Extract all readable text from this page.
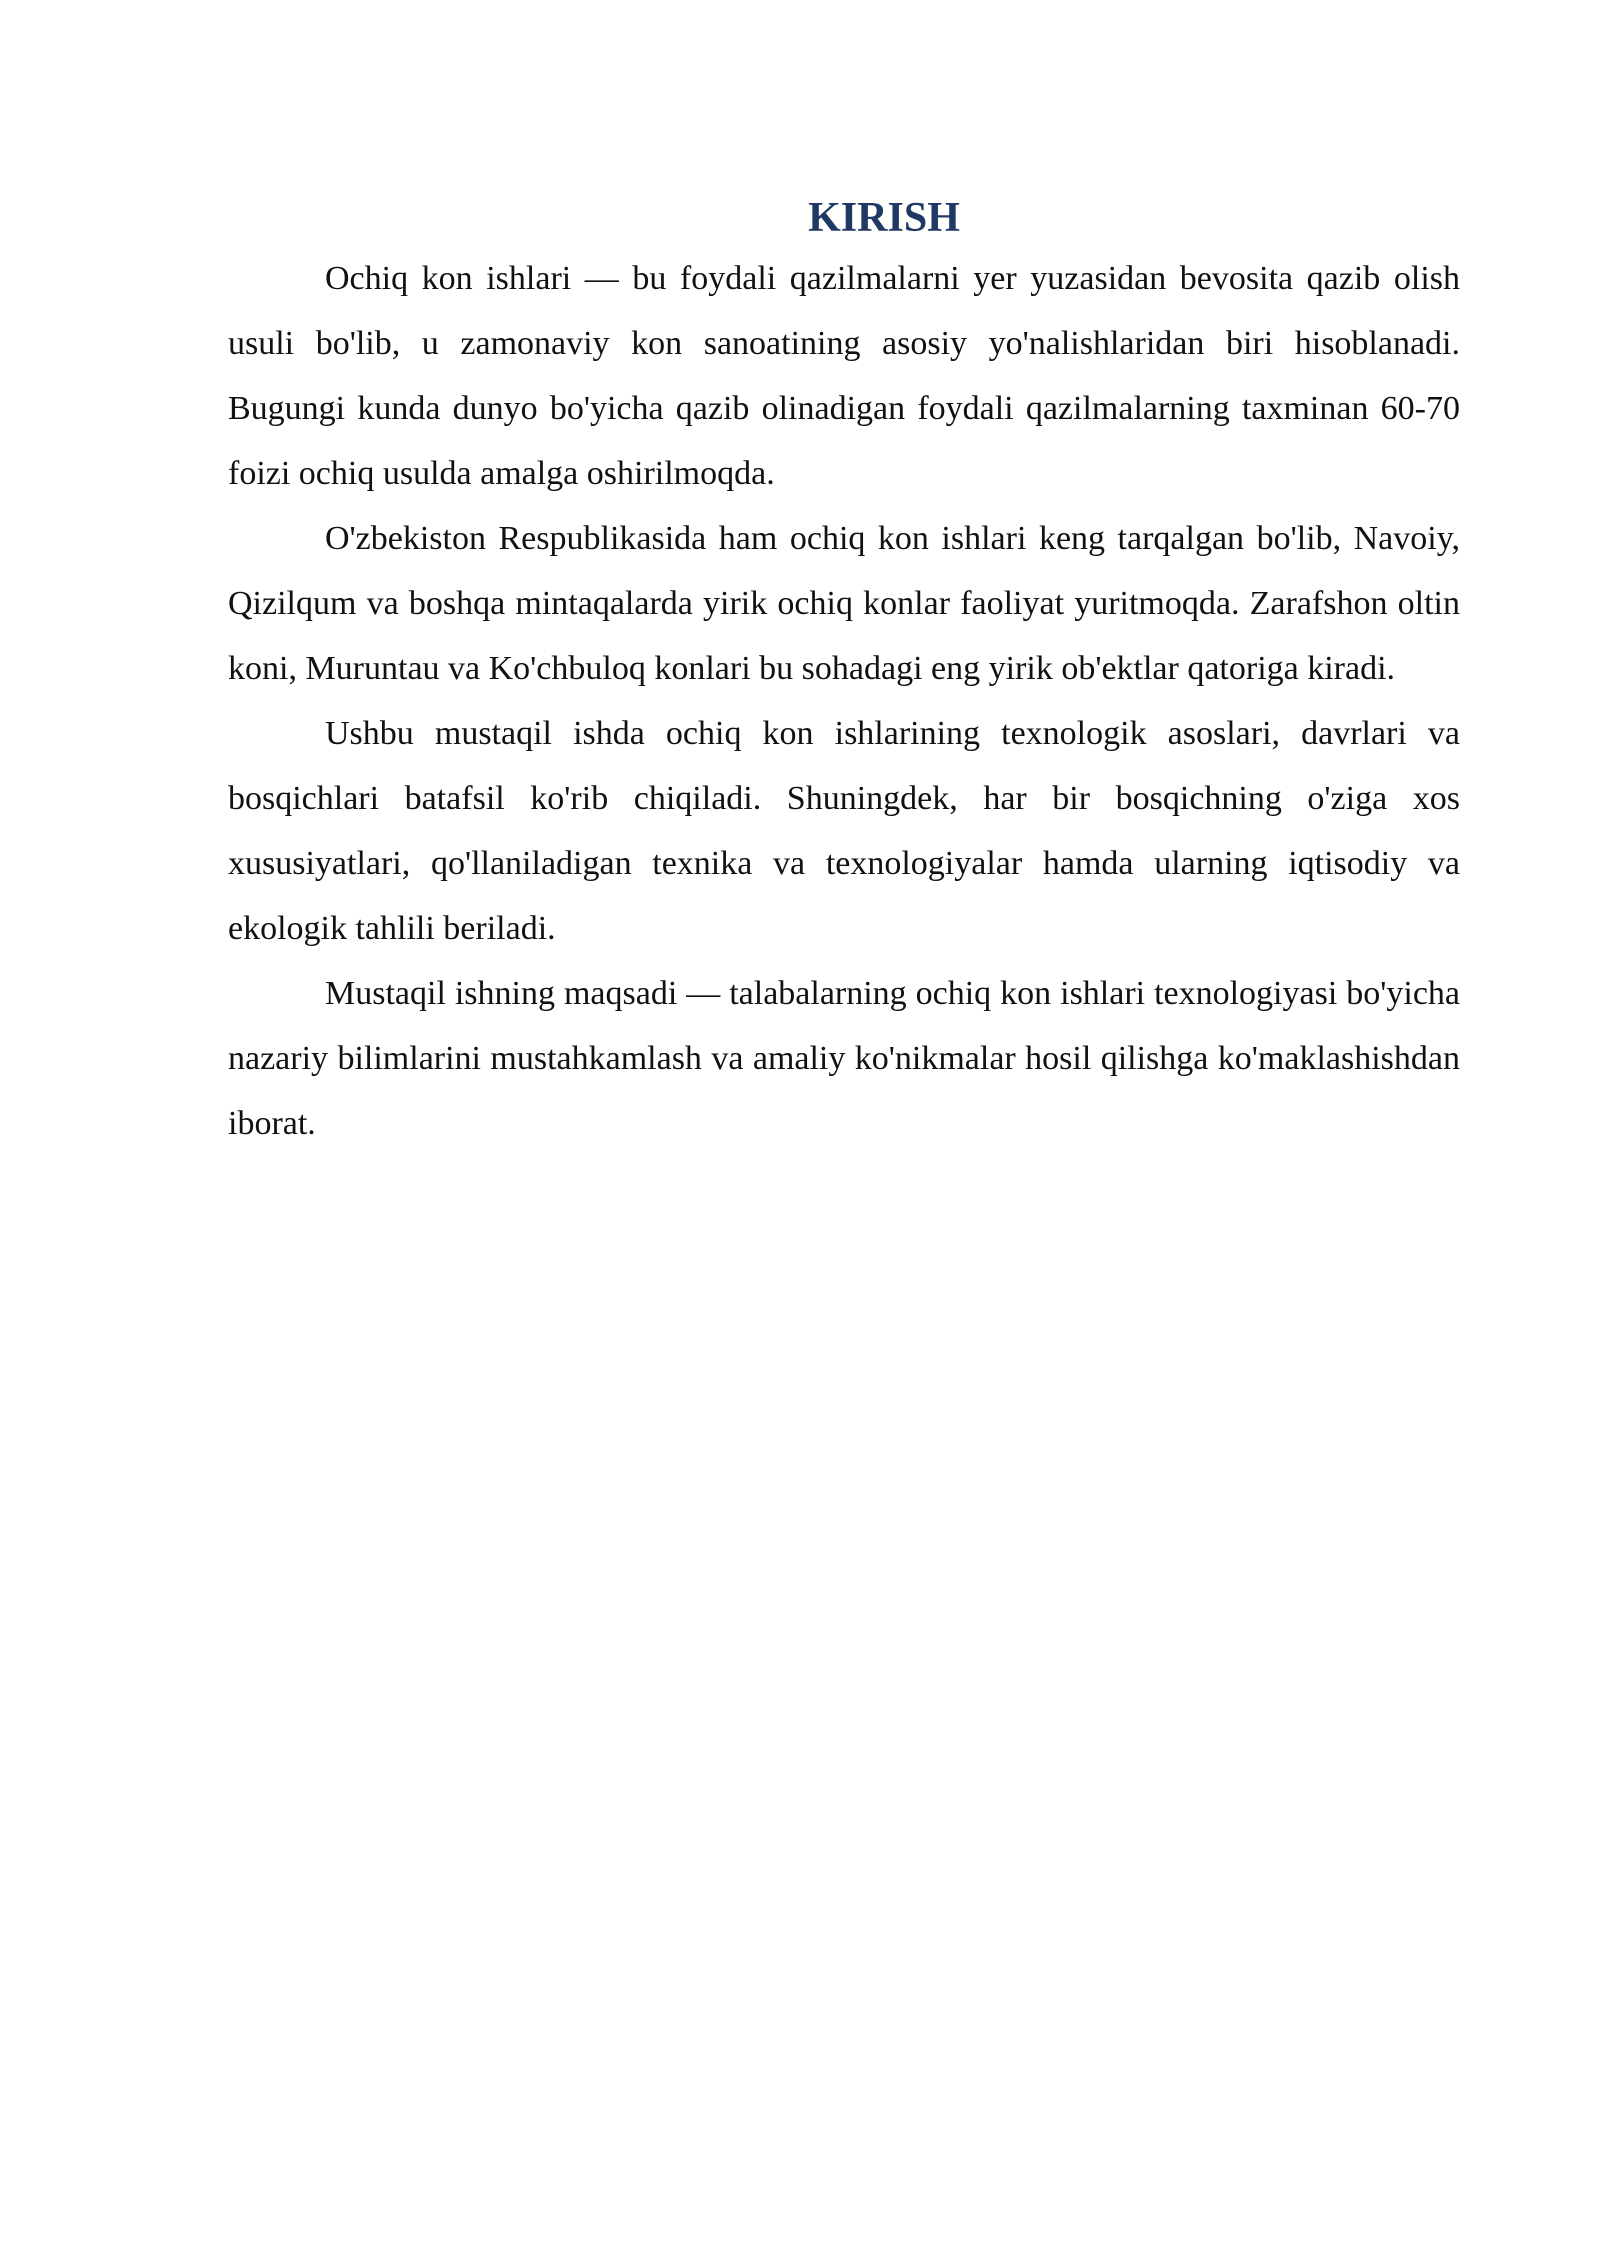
KIRISH

Ochiq kon ishlari — bu foydali qazilmalarni yer yuzasidan bevosita qazib olish usuli bo'lib, u zamonaviy kon sanoatining asosiy yo'nalishlaridan biri hisoblanadi. Bugungi kunda dunyo bo'yicha qazib olinadigan foydali qazilmalarning taxminan 60-70 foizi ochiq usulda amalga oshirilmoqda.

O'zbekiston Respublikasida ham ochiq kon ishlari keng tarqalgan bo'lib, Navoiy, Qizilqum va boshqa mintaqalarda yirik ochiq konlar faoliyat yuritmoqda. Zarafshon oltin koni, Muruntau va Ko'chbuloq konlari bu sohadagi eng yirik ob'ektlar qatoriga kiradi.

Ushbu mustaqil ishda ochiq kon ishlarining texnologik asoslari, davrlari va bosqichlari batafsil ko'rib chiqiladi. Shuningdek, har bir bosqichning o'ziga xos xususiyatlari, qo'llaniladigan texnika va texnologiyalar hamda ularning iqtisodiy va ekologik tahlili beriladi.

Mustaqil ishning maqsadi — talabalarning ochiq kon ishlari texnologiyasi bo'yicha nazariy bilimlarini mustahkamlash va amaliy ko'nikmalar hosil qilishga ko'maklashishdan iborat.
